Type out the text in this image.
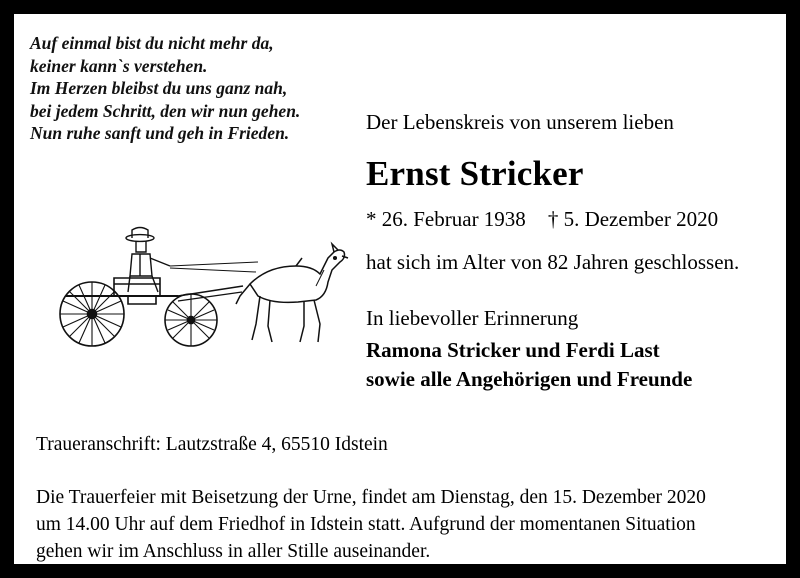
Auf einmal bist du nicht mehr da,
keiner kann`s verstehen.
Im Herzen bleibst du uns ganz nah,
bei jedem Schritt, den wir nun gehen.
Nun ruhe sanft und geh in Frieden.	Der Lebenskreis von unserem lieben

Ernst Stricker

* 26. Februar 1938 † 5. Dezember 2020

hat sich im Alter von 82 Jahren geschlossen.

In liebevoller Erinnerung

Ramona Stricker und Ferdi Last

sowie alle Angehörigen und Freunde

Traueranschrift: Lautzstraße 4, 65510 Idstein

Die Trauerfeier mit Beisetzung der Urne, findet am Dienstag, den 15. Dezember 2020
um 14.00 Uhr auf dem Friedhof in Idstein statt. Aufgrund der momentanen Situation
gehen wir im Anschluss in aller Stille auseinander.
